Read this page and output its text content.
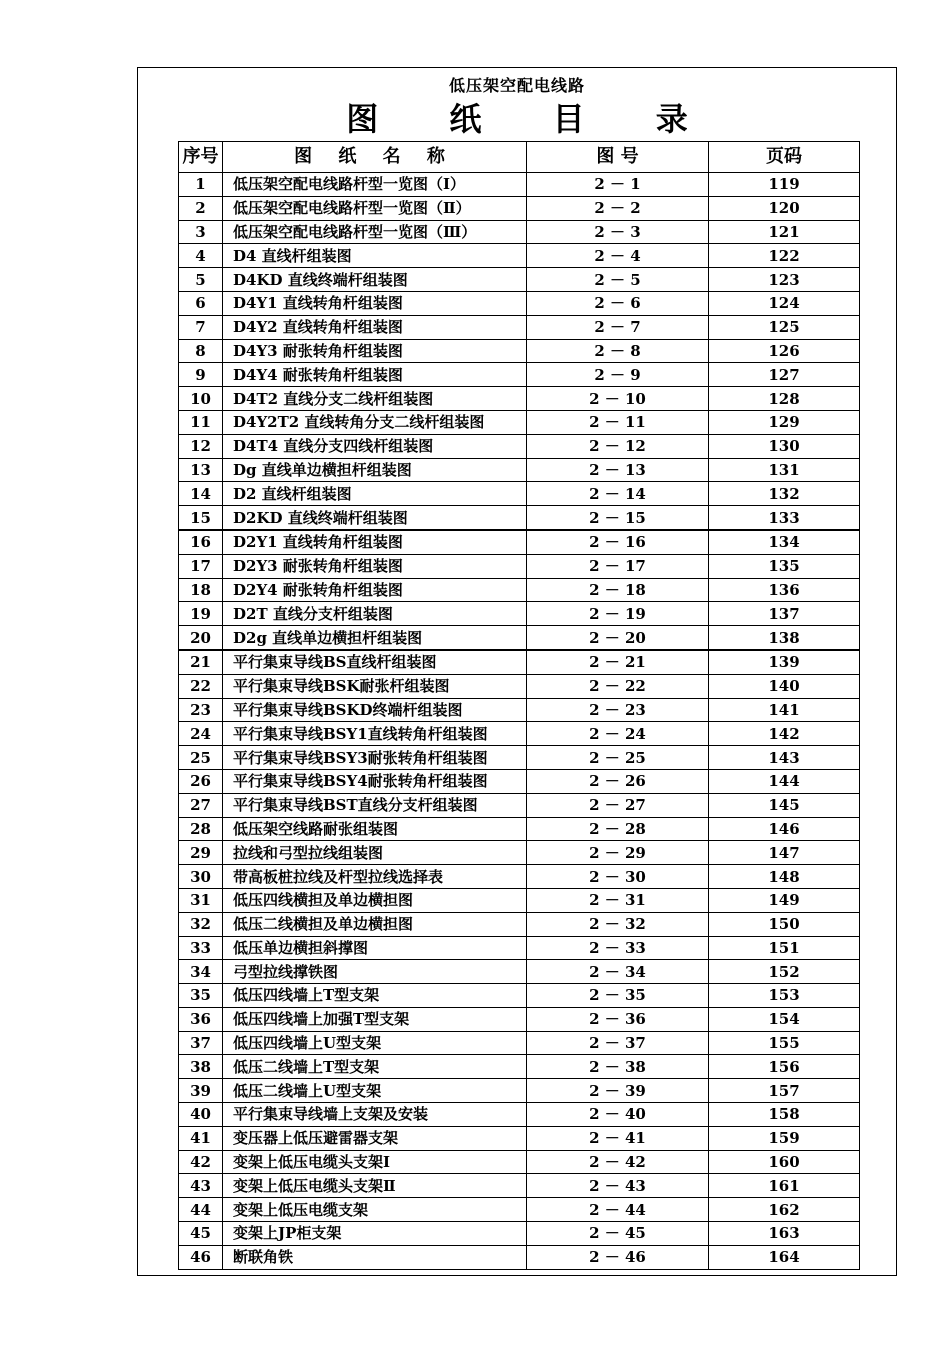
低压架空配电线路
图 纸 目 录
序号	图 纸 名 称	图 号	页码
1	低压架空配电线路杆型一览图（Ⅰ）	2 － 1	119
2	低压架空配电线路杆型一览图（Ⅱ）	2 － 2	120
3	低压架空配电线路杆型一览图（Ⅲ）	2 － 3	121
4	D4 直线杆组装图	2 － 4	122
5	D4KD 直线终端杆组装图	2 － 5	123
6	D4Y1 直线转角杆组装图	2 － 6	124
7	D4Y2 直线转角杆组装图	2 － 7	125
8	D4Y3 耐张转角杆组装图	2 － 8	126
9	D4Y4 耐张转角杆组装图	2 － 9	127
10	D4T2 直线分支二线杆组装图	2 － 10	128
11	D4Y2T2 直线转角分支二线杆组装图	2 － 11	129
12	D4T4 直线分支四线杆组装图	2 － 12	130
13	Dg 直线单边横担杆组装图	2 － 13	131
14	D2 直线杆组装图	2 － 14	132
15	D2KD 直线终端杆组装图	2 － 15	133
16	D2Y1 直线转角杆组装图	2 － 16	134
17	D2Y3 耐张转角杆组装图	2 － 17	135
18	D2Y4 耐张转角杆组装图	2 － 18	136
19	D2T 直线分支杆组装图	2 － 19	137
20	D2g 直线单边横担杆组装图	2 － 20	138
21	平行集束导线BS直线杆组装图	2 － 21	139
22	平行集束导线BSK耐张杆组装图	2 － 22	140
23	平行集束导线BSKD终端杆组装图	2 － 23	141
24	平行集束导线BSY1直线转角杆组装图	2 － 24	142
25	平行集束导线BSY3耐张转角杆组装图	2 － 25	143
26	平行集束导线BSY4耐张转角杆组装图	2 － 26	144
27	平行集束导线BST直线分支杆组装图	2 － 27	145
28	低压架空线路耐张组装图	2 － 28	146
29	拉线和弓型拉线组装图	2 － 29	147
30	带高板桩拉线及杆型拉线选择表	2 － 30	148
31	低压四线横担及单边横担图	2 － 31	149
32	低压二线横担及单边横担图	2 － 32	150
33	低压单边横担斜撑图	2 － 33	151
34	弓型拉线撑铁图	2 － 34	152
35	低压四线墙上T型支架	2 － 35	153
36	低压四线墙上加强T型支架	2 － 36	154
37	低压四线墙上U型支架	2 － 37	155
38	低压二线墙上T型支架	2 － 38	156
39	低压二线墙上U型支架	2 － 39	157
40	平行集束导线墙上支架及安装	2 － 40	158
41	变压器上低压避雷器支架	2 － 41	159
42	变架上低压电缆头支架Ⅰ	2 － 42	160
43	变架上低压电缆头支架Ⅱ	2 － 43	161
44	变架上低压电缆支架	2 － 44	162
45	变架上JP柜支架	2 － 45	163
46	断联角铁	2 － 46	164
